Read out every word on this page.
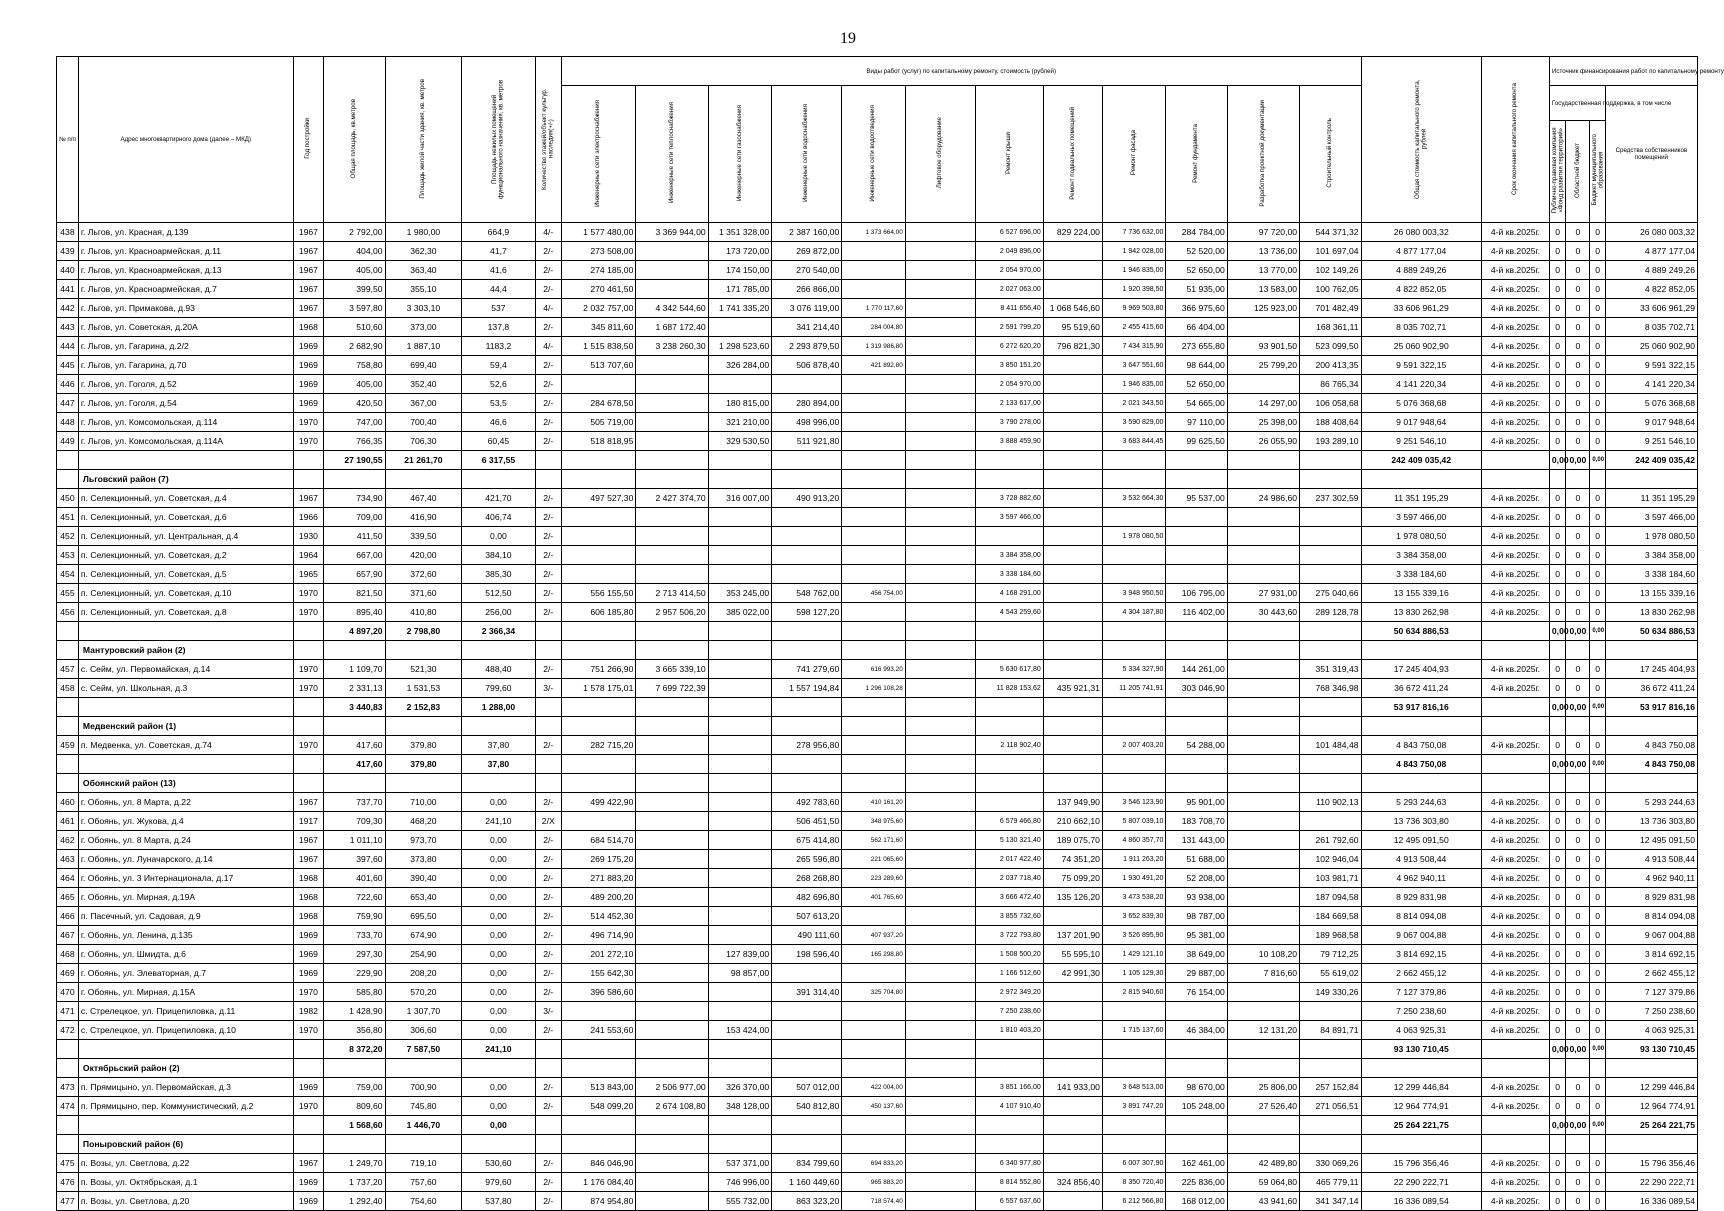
19
№ п/п	Адрес многоквартирного дома (далее – МКД)	Год постройки	Общая площадь, кв.метров	Площадь жилой части здания, кв. метров	Площадь нежилых помещений функционального назначения, кв. метров	Количество этажей/объект культур. наследия(+/-)	Виды работ (услуг) по капитальному ремонту, стоимость (рублей)												Общая стоимость капитального ремонта, рублей	Срок окончания капитального ремонта	Источник финансирования работ по капитальному ремонту			
							Инженерные сети электроснабжения	Инженерные сети теплоснабжения	Инженерные сети газоснабжения	Инженерные сети водоснабжения	Инженерные сети водоотведения	Лифтовое оборудование	Ремонт крыши	Ремонт подвальных помещений	Ремонт фасада	Ремонт фундамента	Разработка проектной документации	Строительный контроль			Государственная поддержка, в том числе			Средства собственников помещений
																					Публично-правовая компания «Фонд развития территорий»	Областной бюджет	Бюджет муниципального образования	
438	г. Льгов, ул. Красная, д.139	1967	2 792,00	1 980,00	664,9	4/-	1 577 480,00	3 369 944,00	1 351 328,00	2 387 160,00	1 373 664,00		6 527 696,00	829 224,00	7 736 632,00	284 784,00	97 720,00	544 371,32	26 080 003,32	4-й кв.2025г.	0	0	0	26 080 003,32
439	г. Льгов, ул. Красноармейская, д.11	1967	404,00	362,30	41,7	2/-	273 508,00		173 720,00	269 872,00			2 049 896,00		1 942 028,00	52 520,00	13 736,00	101 697,04	4 877 177,04	4-й кв.2025г.	0	0	0	4 877 177,04
440	г. Льгов, ул. Красноармейская, д.13	1967	405,00	363,40	41,6	2/-	274 185,00		174 150,00	270 540,00			2 054 970,00		1 946 835,00	52 650,00	13 770,00	102 149,26	4 889 249,26	4-й кв.2025г.	0	0	0	4 889 249,26
441	г. Льгов, ул. Красноармейская, д.7	1967	399,50	355,10	44,4	2/-	270 461,50		171 785,00	266 866,00			2 027 063,00		1 920 398,50	51 935,00	13 583,00	100 762,05	4 822 852,05	4-й кв.2025г.	0	0	0	4 822 852,05
442	г. Льгов, ул. Примакова, д.93	1967	3 597,80	3 303,10	537	4/-	2 032 757,00	4 342 544,60	1 741 335,20	3 076 119,00	1 770 117,60		8 411 656,40	1 068 546,60	9 969 503,80	366 975,60	125 923,00	701 482,49	33 606 961,29	4-й кв.2025г.	0	0	0	33 606 961,29
443	г. Льгов, ул. Советская, д.20А	1968	510,60	373,00	137,8	2/-	345 811,60	1 687 172,40		341 214,40	284 004,80		2 591 799,20	95 519,60	2 455 415,60	66 404,00		168 361,11	8 035 702,71	4-й кв.2025г.	0	0	0	8 035 702,71
444	г. Льгов, ул. Гагарина, д.2/2	1969	2 682,90	1 887,10	1183,2	4/-	1 515 838,50	3 238 260,30	1 298 523,60	2 293 879,50	1 319 986,80		6 272 620,20	796 821,30	7 434 315,90	273 655,80	93 901,50	523 099,50	25 060 902,90	4-й кв.2025г.	0	0	0	25 060 902,90
445	г. Льгов, ул. Гагарина, д.70	1969	758,80	699,40	59,4	2/-	513 707,60		326 284,00	506 878,40	421 892,80		3 850 151,20		3 647 551,60	98 644,00	25 799,20	200 413,35	9 591 322,15	4-й кв.2025г.	0	0	0	9 591 322,15
446	г. Льгов, ул. Гоголя, д.52	1969	405,00	352,40	52,6	2/-							2 054 970,00		1 946 835,00	52 650,00		86 765,34	4 141 220,34	4-й кв.2025г.	0	0	0	4 141 220,34
447	г. Льгов, ул. Гоголя, д.54	1969	420,50	367,00	53,5	2/-	284 678,50		180 815,00	280 894,00			2 133 617,00		2 021 343,50	54 665,00	14 297,00	106 058,68	5 076 368,68	4-й кв.2025г.	0	0	0	5 076 368,68
448	г. Льгов, ул. Комсомольская, д.114	1970	747,00	700,40	46,6	2/-	505 719,00		321 210,00	498 996,00			3 790 278,00		3 590 829,00	97 110,00	25 398,00	188 408,64	9 017 948,64	4-й кв.2025г.	0	0	0	9 017 948,64
449	г. Льгов, ул. Комсомольская, д.114А	1970	766,35	706,30	60,45	2/-	518 818,95		329 530,50	511 921,80			3 888 459,90		3 683 844,45	99 625,50	26 055,90	193 289,10	9 251 546,10	4-й кв.2025г.	0	0	0	9 251 546,10
			27 190,55	21 261,70	6 317,55														242 409 035,42		0,00	0,00	0,00	242 409 035,42
	Льговский район (7)																							
450	п. Селекционный, ул. Советская, д.4	1967	734,90	467,40	421,70	2/-	497 527,30	2 427 374,70	316 007,00	490 913,20			3 728 882,60		3 532 664,30	95 537,00	24 986,60	237 302,59	11 351 195,29	4-й кв.2025г.	0	0	0	11 351 195,29
451	п. Селекционный, ул. Советская, д.6	1966	709,00	416,90	406,74	2/-							3 597 466,00						3 597 466,00	4-й кв.2025г.	0	0	0	3 597 466,00
452	п. Селекционный, ул. Центральная, д.4	1930	411,50	339,50	0,00	2/-									1 978 080,50				1 978 080,50	4-й кв.2025г.	0	0	0	1 978 080,50
453	п. Селекционный, ул. Советская, д.2	1964	667,00	420,00	384,10	2/-							3 384 358,00						3 384 358,00	4-й кв.2025г.	0	0	0	3 384 358,00
454	п. Селекционный, ул. Советская, д.5	1965	657,90	372,60	385,30	2/-							3 338 184,60						3 338 184,60	4-й кв.2025г.	0	0	0	3 338 184,60
455	п. Селекционный, ул. Советская, д.10	1970	821,50	371,60	512,50	2/-	556 155,50	2 713 414,50	353 245,00	548 762,00	456 754,00		4 168 291,00		3 948 950,50	106 795,00	27 931,00	275 040,66	13 155 339,16	4-й кв.2025г.	0	0	0	13 155 339,16
456	п. Селекционный, ул. Советская, д.8	1970	895,40	410,80	256,00	2/-	606 185,80	2 957 506,20	385 022,00	598 127,20			4 543 259,60		4 304 187,80	116 402,00	30 443,60	289 128,78	13 830 262,98	4-й кв.2025г.	0	0	0	13 830 262,98
			4 897,20	2 798,80	2 366,34														50 634 886,53		0,00	0,00	0,00	50 634 886,53
	Мантуровский район (2)																							
457	с. Сейм, ул. Первомайская, д.14	1970	1 109,70	521,30	488,40	2/-	751 266,90	3 665 339,10		741 279,60	616 993,20		5 630 617,80		5 334 327,90	144 261,00		351 319,43	17 245 404,93	4-й кв.2025г.	0	0	0	17 245 404,93
458	с. Сейм, ул. Школьная, д.3	1970	2 331,13	1 531,53	799,60	3/-	1 578 175,01	7 699 722,39		1 557 194,84	1 296 108,28		11 828 153,62	435 921,31	11 205 741,91	303 046,90		768 346,98	36 672 411,24	4-й кв.2025г.	0	0	0	36 672 411,24
			3 440,83	2 152,83	1 288,00														53 917 816,16		0,00	0,00	0,00	53 917 816,16
	Медвенский район (1)																							
459	п. Медвенка, ул. Советская, д.74	1970	417,60	379,80	37,80	2/-	282 715,20			278 956,80			2 118 902,40		2 007 403,20	54 288,00		101 484,48	4 843 750,08	4-й кв.2025г.	0	0	0	4 843 750,08
			417,60	379,80	37,80														4 843 750,08		0,00	0,00	0,00	4 843 750,08
	Обоянский район (13)																							
460	г. Обоянь, ул. 8 Марта, д.22	1967	737,70	710,00	0,00	2/-	499 422,90			492 783,60	410 161,20			137 949,90	3 546 123,90	95 901,00		110 902,13	5 293 244,63	4-й кв.2025г.	0	0	0	5 293 244,63
461	г. Обоянь, ул. Жукова, д.4	1917	709,30	468,20	241,10	2/Х				506 451,50	348 975,60		6 579 466,80	210 662,10	5 807 039,10	183 708,70			13 736 303,80	4-й кв.2025г.	0	0	0	13 736 303,80
462	г. Обоянь, ул. 8 Марта, д.24	1967	1 011,10	973,70	0,00	2/-	684 514,70			675 414,80	562 171,60		5 130 321,40	189 075,70	4 860 357,70	131 443,00		261 792,60	12 495 091,50	4-й кв.2025г.	0	0	0	12 495 091,50
463	г. Обоянь, ул. Луначарского, д.14	1967	397,60	373,80	0,00	2/-	269 175,20			265 596,80	221 065,60		2 017 422,40	74 351,20	1 911 263,20	51 688,00		102 946,04	4 913 508,44	4-й кв.2025г.	0	0	0	4 913 508,44
464	г. Обоянь, ул. 3 Интернационала, д.17	1968	401,60	390,40	0,00	2/-	271 883,20			268 268,80	223 289,60		2 037 718,40	75 099,20	1 930 491,20	52 208,00		103 981,71	4 962 940,11	4-й кв.2025г.	0	0	0	4 962 940,11
465	г. Обоянь, ул. Мирная, д.19А	1968	722,60	653,40	0,00	2/-	489 200,20			482 696,80	401 765,60		3 666 472,40	135 126,20	3 473 538,20	93 938,00		187 094,58	8 929 831,98	4-й кв.2025г.	0	0	0	8 929 831,98
466	п. Пасечный, ул. Садовая, д.9	1968	759,90	695,50	0,00	2/-	514 452,30			507 613,20			3 855 732,60		3 652 839,30	98 787,00		184 669,58	8 814 094,08	4-й кв.2025г.	0	0	0	8 814 094,08
467	г. Обоянь, ул. Ленина, д.135	1969	733,70	674,90	0,00	2/-	496 714,90			490 111,60	407 937,20		3 722 793,80	137 201,90	3 526 895,90	95 381,00		189 968,58	9 067 004,88	4-й кв.2025г.	0	0	0	9 067 004,88
468	г. Обоянь, ул. Шмидта, д.6	1969	297,30	254,90	0,00	2/-	201 272,10		127 839,00	198 596,40	165 298,80		1 508 500,20	55 595,10	1 429 121,10	38 649,00	10 108,20	79 712,25	3 814 692,15	4-й кв.2025г.	0	0	0	3 814 692,15
469	г. Обоянь, ул. Элеваторная, д.7	1969	229,90	208,20	0,00	2/-	155 642,30		98 857,00				1 166 512,60	42 991,30	1 105 129,30	29 887,00	7 816,60	55 619,02	2 662 455,12	4-й кв.2025г.	0	0	0	2 662 455,12
470	г. Обоянь, ул. Мирная, д.15А	1970	585,80	570,20	0,00	2/-	396 586,60			391 314,40	325 704,80		2 972 349,20		2 815 940,60	76 154,00		149 330,26	7 127 379,86	4-й кв.2025г.	0	0	0	7 127 379,86
471	с. Стрелецкое, ул. Прицепиловка, д.11	1982	1 428,90	1 307,70	0,00	3/-							7 250 238,60						7 250 238,60	4-й кв.2025г.	0	0	0	7 250 238,60
472	с. Стрелецкое, ул. Прицепиловка, д.10	1970	356,80	306,60	0,00	2/-	241 553,60		153 424,00				1 810 403,20		1 715 137,60	46 384,00	12 131,20	84 891,71	4 063 925,31	4-й кв.2025г.	0	0	0	4 063 925,31
			8 372,20	7 587,50	241,10														93 130 710,45		0,00	0,00	0,00	93 130 710,45
	Октябрьский район (2)																							
473	п. Прямицыно, ул. Первомайская, д.3	1969	759,00	700,90	0,00	2/-	513 843,00	2 506 977,00	326 370,00	507 012,00	422 004,00		3 851 166,00	141 933,00	3 648 513,00	98 670,00	25 806,00	257 152,84	12 299 446,84	4-й кв.2025г.	0	0	0	12 299 446,84
474	п. Прямицыно, пер. Коммунистический, д.2	1970	809,60	745,80	0,00	2/-	548 099,20	2 674 108,80	348 128,00	540 812,80	450 137,60		4 107 910,40		3 891 747,20	105 248,00	27 526,40	271 056,51	12 964 774,91	4-й кв.2025г.	0	0	0	12 964 774,91
			1 568,60	1 446,70	0,00														25 264 221,75		0,00	0,00	0,00	25 264 221,75
	Поныровский район (6)																							
475	п. Возы, ул. Светлова, д.22	1967	1 249,70	719,10	530,60	2/-	846 046,90		537 371,00	834 799,60	694 833,20		6 340 977,80		6 007 307,90	162 461,00	42 489,80	330 069,26	15 796 356,46	4-й кв.2025г.	0	0	0	15 796 356,46
476	п. Возы, ул. Октябрьская, д.1	1969	1 737,20	757,60	979,60	2/-	1 176 084,40		746 996,00	1 160 449,60	965 883,20		8 814 552,80	324 856,40	8 350 720,40	225 836,00	59 064,80	465 779,11	22 290 222,71	4-й кв.2025г.	0	0	0	22 290 222,71
477	п. Возы, ул. Светлова, д.20	1969	1 292,40	754,60	537,80	2/-	874 954,80		555 732,00	863 323,20	718 574,40		6 557 637,60		6 212 566,80	168 012,00	43 941,60	341 347,14	16 336 089,54	4-й кв.2025г.	0	0	0	16 336 089,54
